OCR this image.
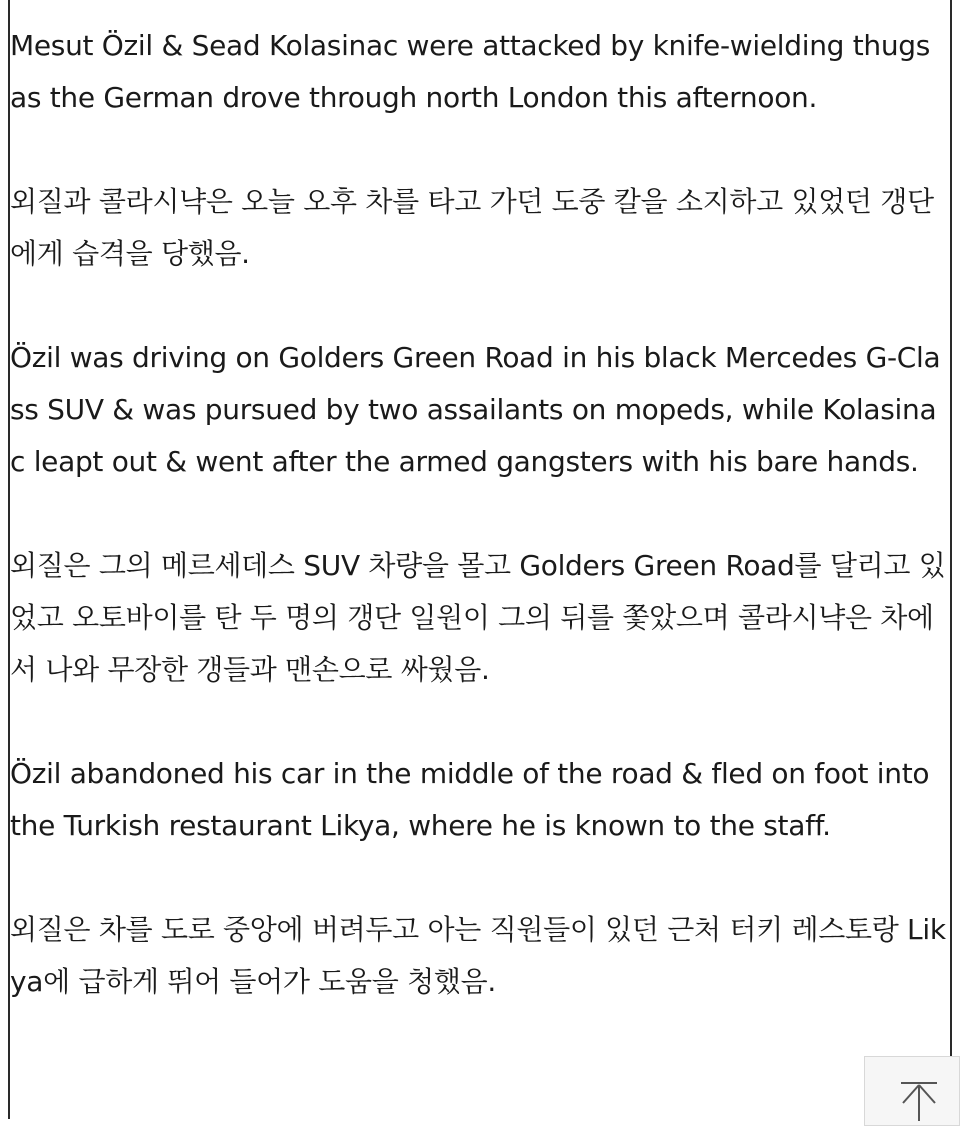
Mesut Özil & Sead Kolasinac were attacked by knife-wielding thugs as the German drove through north London this afternoon.

외질과 콜라시냑은 오늘 오후 차를 타고 가던 도중 칼을 소지하고 있었던 갱단에게 습격을 당했음.

Özil was driving on Golders Green Road in his black Mercedes G-Class SUV & was pursued by two assailants on mopeds, while Kolasinac leapt out & went after the armed gangsters with his bare hands.

외질은 그의 메르세데스 SUV 차량을 몰고 Golders Green Road를 달리고 있었고 오토바이를 탄 두 명의 갱단 일원이 그의 뒤를 쫓았으며 콜라시냑은 차에서 나와 무장한 갱들과 맨손으로 싸웠음.

Özil abandoned his car in the middle of the road & fled on foot into the Turkish restaurant Likya, where he is known to the staff.

외질은 차를 도로 중앙에 버려두고 아는 직원들이 있던 근처 터키 레스토랑 Likya에 급하게 뛰어 들어가 도움을 청했음.
